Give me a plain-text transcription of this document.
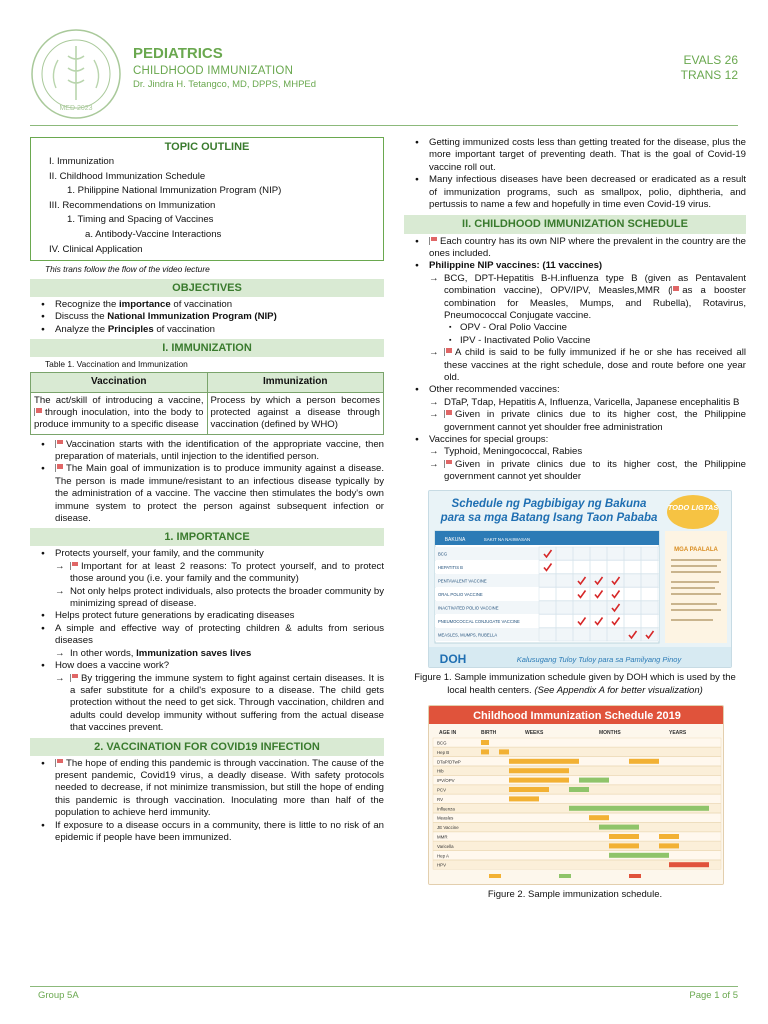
MED 2023
PEDIATRICS
CHILDHOOD IMMUNIZATION
Dr. Jindra H. Tetangco, MD, DPPS, MHPEd
EVALS 26
TRANS 12
TOPIC OUTLINE
I. Immunization
II. Childhood Immunization Schedule
1. Philippine National Immunization Program (NIP)
III. Recommendations on Immunization
1. Timing and Spacing of Vaccines
a. Antibody-Vaccine Interactions
IV. Clinical Application
This trans follow the flow of the video lecture
OBJECTIVES
● Recognize the importance of vaccination
● Discuss the National Immunization Program (NIP)
● Analyze the Principles of vaccination
I. IMMUNIZATION
Table 1. Vaccination and Immunization
Vaccination	Immunization
The act/skill of introducing a vaccine, through inoculation, into the body to produce immunity to a specific disease	Process by which a person becomes protected against a disease through vaccination (defined by WHO)
● Vaccination starts with the identification of the appropriate vaccine, then preparation of materials, until injection to the identified person.
● The Main goal of immunization is to produce immunity against a disease. The person is made immune/resistant to an infectious disease typically by the administration of a vaccine. The vaccine then stimulates the body's own immune system to protect the person against subsequent infection or disease.
1. IMPORTANCE
● Protects yourself, your family, and the community
→ Important for at least 2 reasons: To protect yourself, and to protect those around you (i.e. your family and the community)
→ Not only helps protect individuals, also protects the broader community by minimizing spread of disease.
● Helps protect future generations by eradicating diseases
● A simple and effective way of protecting children & adults from serious diseases
→ In other words, Immunization saves lives
● How does a vaccine work?
→ By triggering the immune system to fight against certain diseases. It is a safer substitute for a child's exposure to a disease. The child gets protection without the need to get sick. Through vaccination, children and adults could develop immunity without suffering from the actual disease that vaccines prevent.
2. VACCINATION FOR COVID19 INFECTION
● The hope of ending this pandemic is through vaccination. The cause of the present pandemic, Covid19 virus, a deadly disease. With safety protocols needed to decrease, if not minimize transmission, but still the hope of ending this pandemic is through vaccination. Inoculating more than half of the population to achieve herd immunity.
● If exposure to a disease occurs in a community, there is little to no risk of an epidemic if people have been immunized.
● Getting immunized costs less than getting treated for the disease, plus the more important target of preventing death. That is the goal of Covid-19 vaccine roll out.
● Many infectious diseases have been decreased or eradicated as a result of immunization programs, such as smallpox, polio, diphtheria, and pertussis to name a few and hopefully in time even Covid-19 virus.
II. CHILDHOOD IMMUNIZATION SCHEDULE
● Each country has its own NIP where the prevalent in the country are the ones included.
● Philippine NIP vaccines: (11 vaccines)
→ BCG, DPT-Hepatitis B-H.influenza type B (given as Pentavalent combination vaccine), OPV/IPV, Measles,MMR ( as a booster combination for Measles, Mumps, and Rubella), Rotavirus, Pneumococcal Conjugate vaccine.
▪ OPV - Oral Polio Vaccine
▪ IPV - Inactivated Polio Vaccine
→ A child is said to be fully immunized if he or she has received all these vaccines at the right schedule, dose and route before one year old.
● Other recommended vaccines:
→ DTaP, Tdap, Hepatitis A, Influenza, Varicella, Japanese encephalitis B
→ Given in private clinics due to its higher cost, the Philippine government cannot yet shoulder free administration
● Vaccines for special groups:
→ Typhoid, Meningococcal, Rabies
→ Given in private clinics due to its higher cost, the Philippine government cannot yet shoulder
Schedule ng Pagbibigay ng Bakuna
para sa mga Batang Isang Taon Pababa
TODO LIGTAS
BAKUNA	SAKIT NA NAIIWASAN
BCG
HEPATITIS B
PENTAVALENT VACCINE
ORAL POLIO VACCINE
INACTIVATED POLIO VACCINE
PNEUMOCOCCAL CONJUGATE VACCINE
MEASLES, MUMPS, RUBELLA
MGA PAALALA
DOH	Kalusugang Tuloy Tuloy para sa Pamilyang Pinoy
Figure 1. Sample immunization schedule given by DOH which is used by the local health centers. (See Appendix A for better visualization)
Childhood Immunization Schedule 2019
AGE IN	BIRTH	WEEKS	MONTHS	YEARS
BCG
Hep B
DTaP/DTwP
Hib
IPV/OPV
PCV
RV
Influenza
Measles
JE Vaccine
MMR
Varicella
Hep A
HPV
Figure 2. Sample immunization schedule.
Group 5A	Page 1 of 5
